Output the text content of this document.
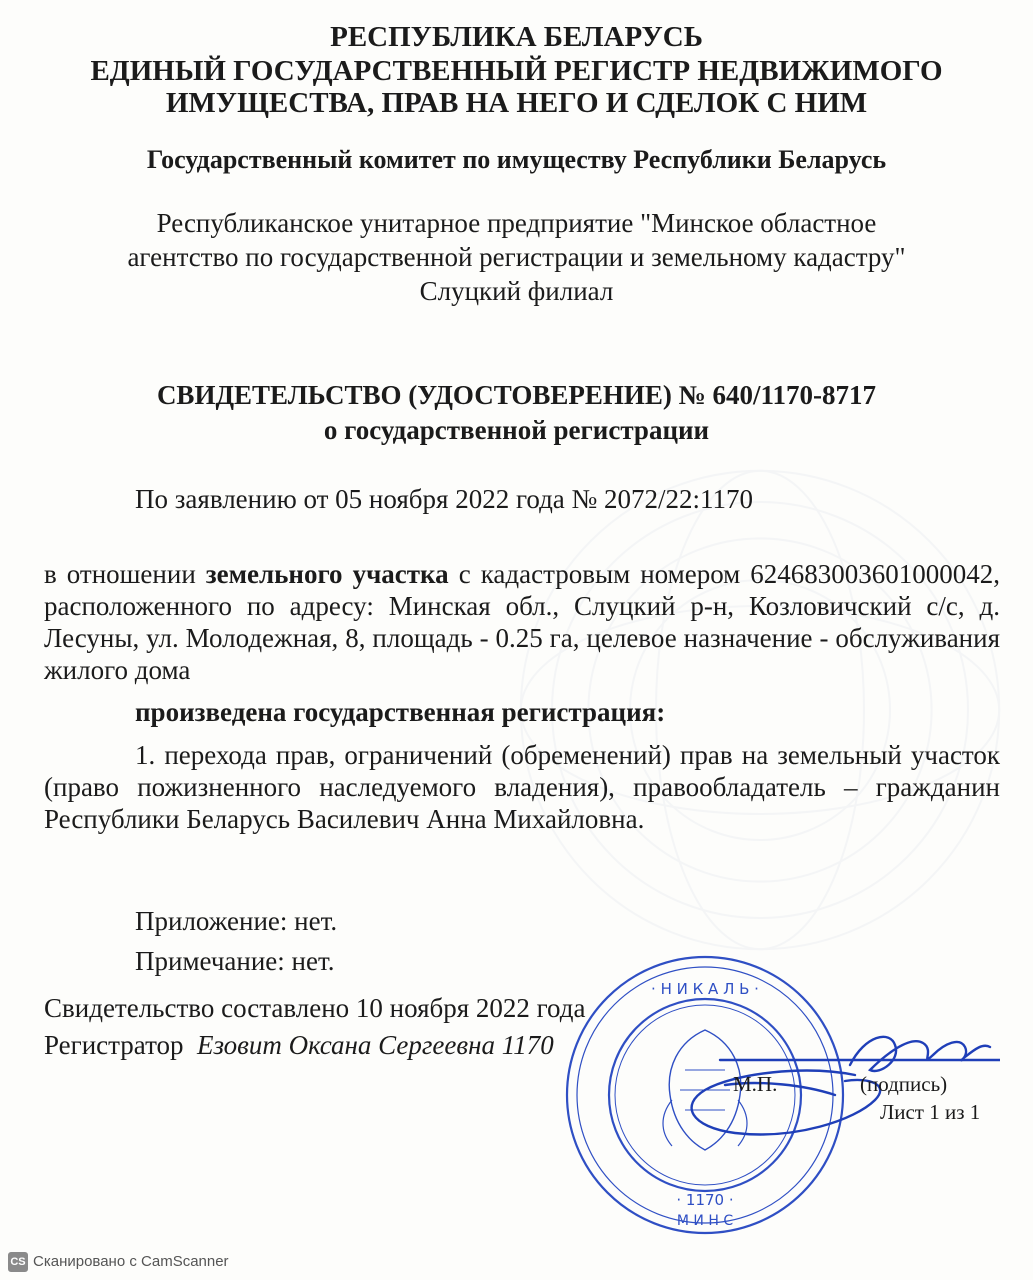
РЕСПУБЛИКА БЕЛАРУСЬ
ЕДИНЫЙ ГОСУДАРСТВЕННЫЙ РЕГИСТР НЕДВИЖИМОГО
ИМУЩЕСТВА, ПРАВ НА НЕГО И СДЕЛОК С НИМ
Государственный комитет по имуществу Республики Беларусь
Республиканское унитарное предприятие "Минское областное
агентство по государственной регистрации и земельному кадастру"
Слуцкий филиал
СВИДЕТЕЛЬСТВО (УДОСТОВЕРЕНИЕ) № 640/1170-8717
о государственной регистрации
По заявлению от 05 ноября 2022 года № 2072/22:1170
в отношении земельного участка с кадастровым номером 624683003601000042, расположенного по адресу: Минская обл., Слуцкий р-н, Козловичский с/с, д. Лесуны, ул. Молодежная, 8, площадь - 0.25 га, целевое назначение - обслуживания жилого дома
произведена государственная регистрация:
1. перехода прав, ограничений (обременений) прав на земельный участок (право пожизненного наследуемого владения), правообладатель – гражданин Республики Беларусь Василевич Анна Михайловна.
Приложение: нет.
Примечание: нет.
· Н И К А Л Ь ·
· 1170 ·
М И Н С
Свидетельство составлено 10 ноября 2022 года
Регистратор Езовит Оксана Сергеевна 1170
М.П.	(подпись)
Лист 1 из 1
CS Сканировано с CamScanner
